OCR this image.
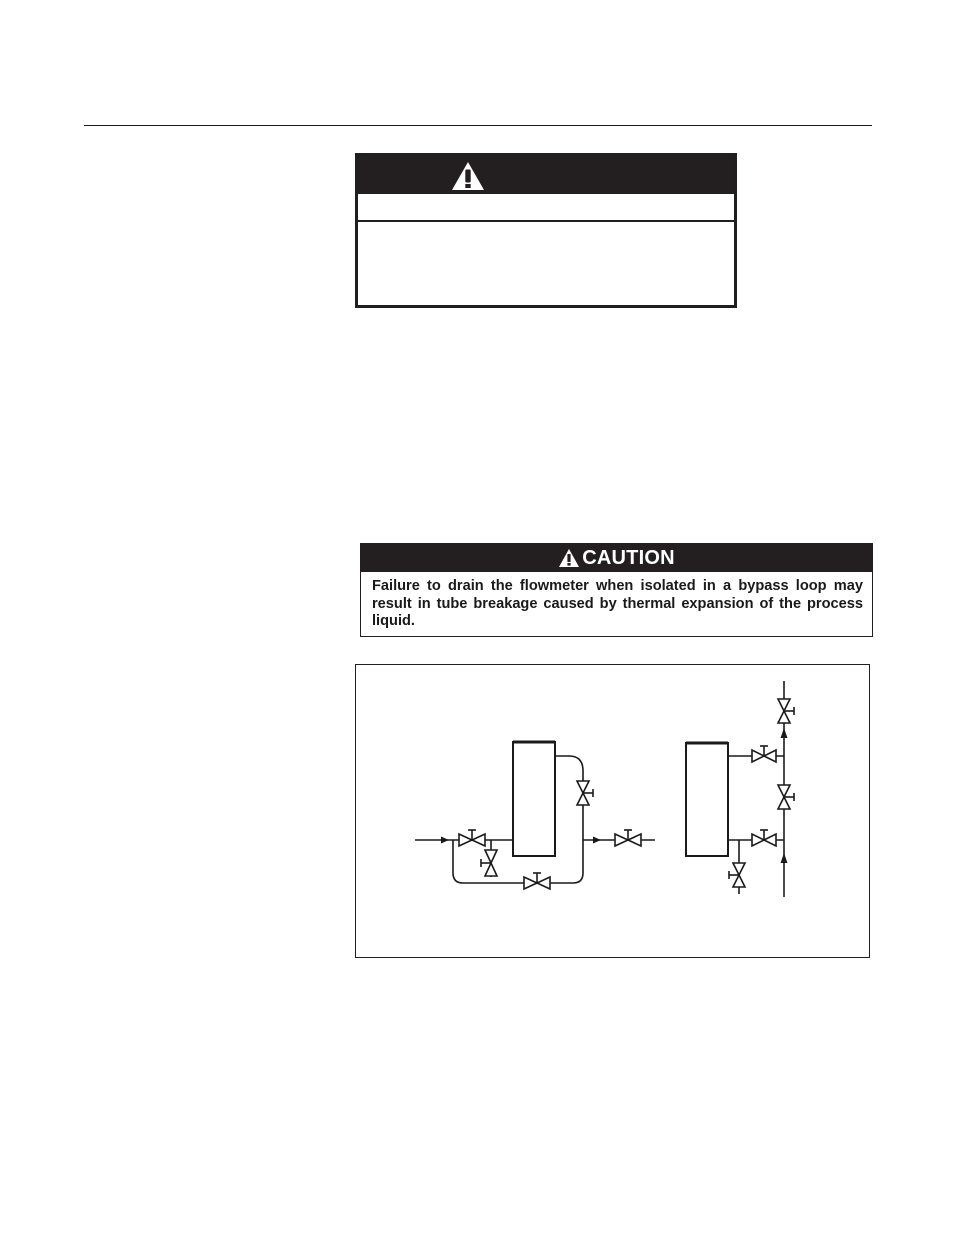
CAUTION
Failure to drain the flowmeter when isolated in a bypass loop may result in tube breakage caused by thermal expansion of the process liquid.
